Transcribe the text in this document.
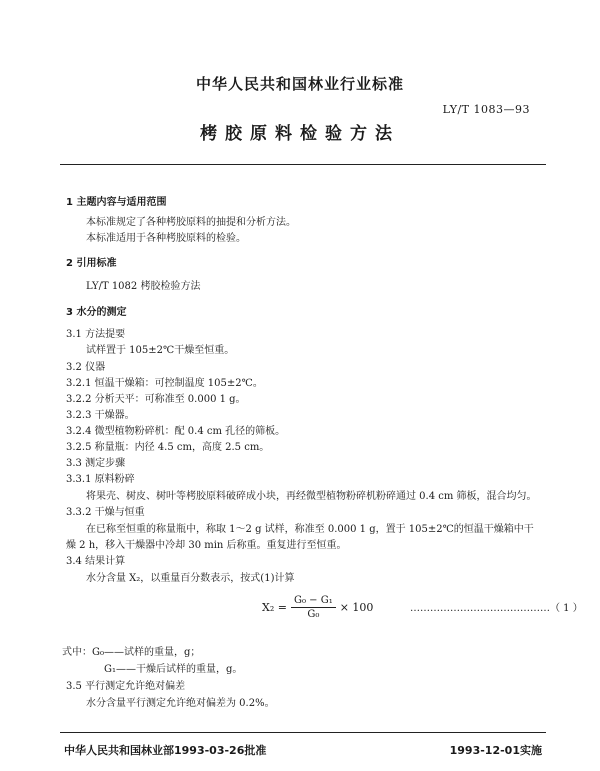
中华人民共和国林业行业标准
LY/T 1083—93
栲胶原料检验方法
1 主题内容与适用范围
本标准规定了各种栲胶原料的抽提和分析方法。
本标准适用于各种栲胶原料的检验。
2 引用标准
LY/T 1082 栲胶检验方法
3 水分的测定
3.1 方法提要
试样置于 105±2℃干燥至恒重。
3.2 仪器
3.2.1 恒温干燥箱：可控制温度 105±2℃。
3.2.2 分析天平：可称准至 0.000 1 g。
3.2.3 干燥器。
3.2.4 微型植物粉碎机：配 0.4 cm 孔径的筛板。
3.2.5 称量瓶：内径 4.5 cm，高度 2.5 cm。
3.3 测定步骤
3.3.1 原料粉碎
将果壳、树皮、树叶等栲胶原料破碎成小块，再经微型植物粉碎机粉碎通过 0.4 cm 筛板，混合均匀。
3.3.2 干燥与恒重
在已称至恒重的称量瓶中，称取 1～2 g 试样，称准至 0.000 1 g，置于 105±2℃的恒温干燥箱中干
燥 2 h，移入干燥器中冷却 30 min 后称重。重复进行至恒重。
3.4 结果计算
水分含量 X₂，以重量百分数表示，按式(1)计算
$X_2 = \frac{\text{G₀ − G₁}}{\text{G₀}} \times 100$	……………………………………（ 1 ）
式中：G₀——试样的重量，g；
G₁——干燥后试样的重量，g。
3.5 平行测定允许绝对偏差
水分含量平行测定允许绝对偏差为 0.2%。
中华人民共和国林业部1993-03-26批准	1993-12-01实施
